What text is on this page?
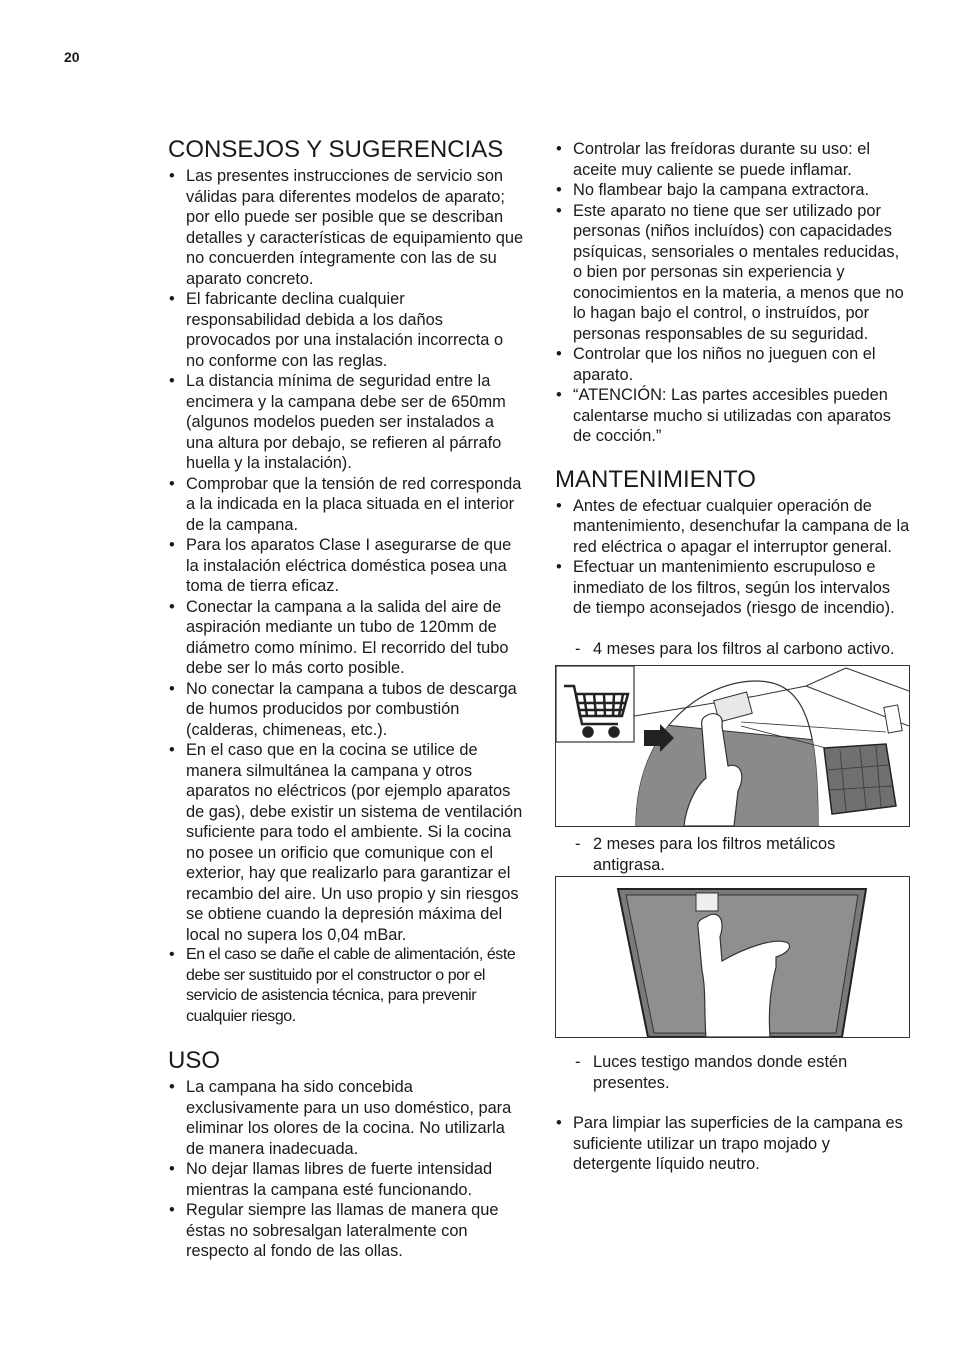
20
CONSEJOS Y SUGERENCIAS
• Las presentes instrucciones de servicio son válidas para diferentes modelos de aparato; por ello puede ser posible que se describan detalles y características de equipamiento que no concuerden íntegramente con las de su aparato concreto.
• El fabricante declina cualquier responsabilidad debida a los daños provocados por una instalación incorrecta o no conforme con las reglas.
• La distancia mínima de seguridad entre la encimera y la campana debe ser de 650mm (algunos modelos pueden ser instalados a una altura por debajo, se refieren al párrafo huella y la instalación).
• Comprobar que la tensión de red corresponda a la indicada en la placa situada en el interior de la campana.
• Para los aparatos Clase I asegurarse de que la instalación eléctrica doméstica posea una toma de tierra eficaz.
• Conectar la campana a la salida del aire de aspiración mediante un tubo de 120mm de diámetro como mínimo. El recorrido del tubo debe ser lo más corto posible.
• No conectar la campana a tubos de descarga de humos producidos por combustión (calderas, chimeneas, etc.).
• En el caso que en la cocina se utilice de manera silmultánea la campana y otros aparatos no eléctricos (por ejemplo aparatos de gas), debe existir un sistema de ventilación suficiente para todo el ambiente. Si la cocina no posee un orificio que comunique con el exterior, hay que realizarlo para garantizar el recambio del aire. Un uso propio y sin riesgos se obtiene cuando la depresión máxima del local no supera los 0,04 mBar.
• En el caso se dañe el cable de alimentación, éste debe ser sustituido por el constructor o por el servicio de asistencia técnica, para prevenir cualquier riesgo.
USO
• La campana ha sido concebida exclusivamente para un uso doméstico, para eliminar los olores de la cocina. No utilizarla de manera inadecuada.
• No dejar llamas libres de fuerte intensidad mientras la campana esté funcionando.
• Regular siempre las llamas de manera que éstas no sobresalgan lateralmente con respecto al fondo de las ollas.
• Controlar las freídoras durante su uso: el aceite muy caliente se puede inflamar.
• No flambear bajo la campana extractora.
• Este aparato no tiene que ser utilizado por personas (niños incluídos) con capacidades psíquicas, sensoriales o mentales reducidas, o bien por personas sin experiencia y conocimientos en la materia, a menos que no lo hagan bajo el control, o instruídos, por personas responsables de su seguridad.
• Controlar que los niños no jueguen con el aparato.
• “ATENCIÓN: Las partes accesibles pueden calentarse mucho si utilizadas con aparatos de cocción.”
MANTENIMIENTO
• Antes de efectuar cualquier operación de mantenimiento, desenchufar la campana de la red eléctrica o apagar el interruptor general.
• Efectuar un mantenimiento escrupuloso e inmediato de los filtros, según los intervalos de tiempo aconsejados (riesgo de incendio).
- 4 meses para los filtros al carbono activo.
- 2 meses para los filtros metálicos antigrasa.
- Luces testigo mandos donde estén presentes.
• Para limpiar las superficies de la campana es suficiente utilizar un trapo mojado y detergente líquido neutro.
